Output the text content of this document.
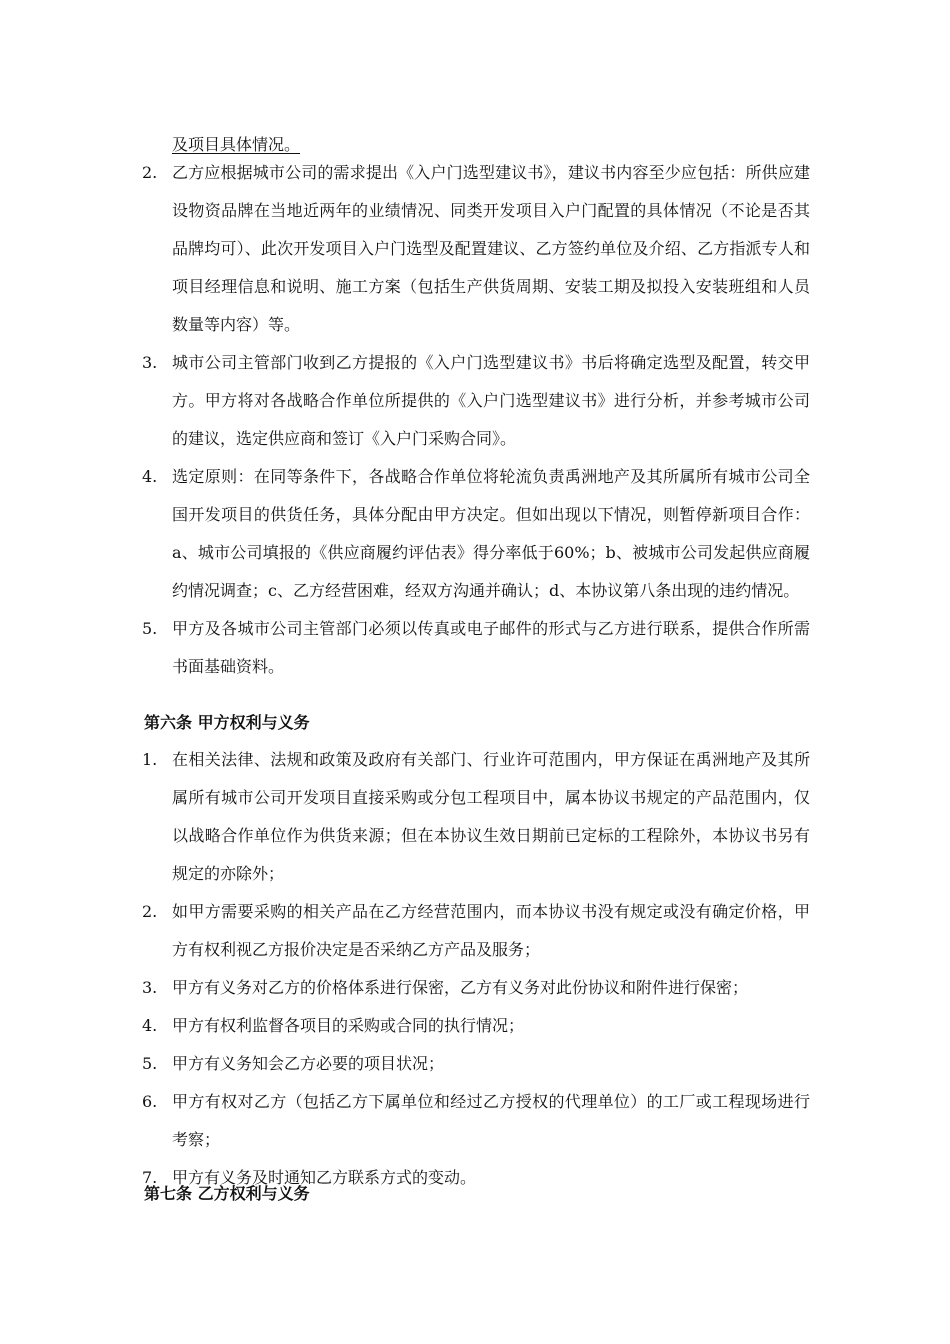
及项目具体情况。

2. 乙方应根据城市公司的需求提出《入户门选型建议书》，建议书内容至少应包括：所供应建设物资品牌在当地近两年的业绩情况、同类开发项目入户门配置的具体情况（不论是否其品牌均可）、此次开发项目入户门选型及配置建议、乙方签约单位及介绍、乙方指派专人和项目经理信息和说明、施工方案（包括生产供货周期、安装工期及拟投入安装班组和人员数量等内容）等。
3. 城市公司主管部门收到乙方提报的《入户门选型建议书》书后将确定选型及配置，转交甲方。甲方将对各战略合作单位所提供的《入户门选型建议书》进行分析，并参考城市公司的建议，选定供应商和签订《入户门采购合同》。
4. 选定原则：在同等条件下，各战略合作单位将轮流负责禹洲地产及其所属所有城市公司全国开发项目的供货任务，具体分配由甲方决定。但如出现以下情况，则暂停新项目合作：a、城市公司填报的《供应商履约评估表》得分率低于60%；b、被城市公司发起供应商履约情况调查；c、乙方经营困难，经双方沟通并确认；d、本协议第八条出现的违约情况。
5. 甲方及各城市公司主管部门必须以传真或电子邮件的形式与乙方进行联系，提供合作所需书面基础资料。
第六条 甲方权利与义务
1. 在相关法律、法规和政策及政府有关部门、行业许可范围内，甲方保证在禹洲地产及其所属所有城市公司开发项目直接采购或分包工程项目中，属本协议书规定的产品范围内，仅以战略合作单位作为供货来源；但在本协议生效日期前已定标的工程除外，本协议书另有规定的亦除外；
2. 如甲方需要采购的相关产品在乙方经营范围内，而本协议书没有规定或没有确定价格，甲方有权利视乙方报价决定是否采纳乙方产品及服务；
3. 甲方有义务对乙方的价格体系进行保密，乙方有义务对此份协议和附件进行保密；
4. 甲方有权利监督各项目的采购或合同的执行情况；
5. 甲方有义务知会乙方必要的项目状况；
6. 甲方有权对乙方（包括乙方下属单位和经过乙方授权的代理单位）的工厂或工程现场进行考察；
7. 甲方有义务及时通知乙方联系方式的变动。
第七条 乙方权利与义务
